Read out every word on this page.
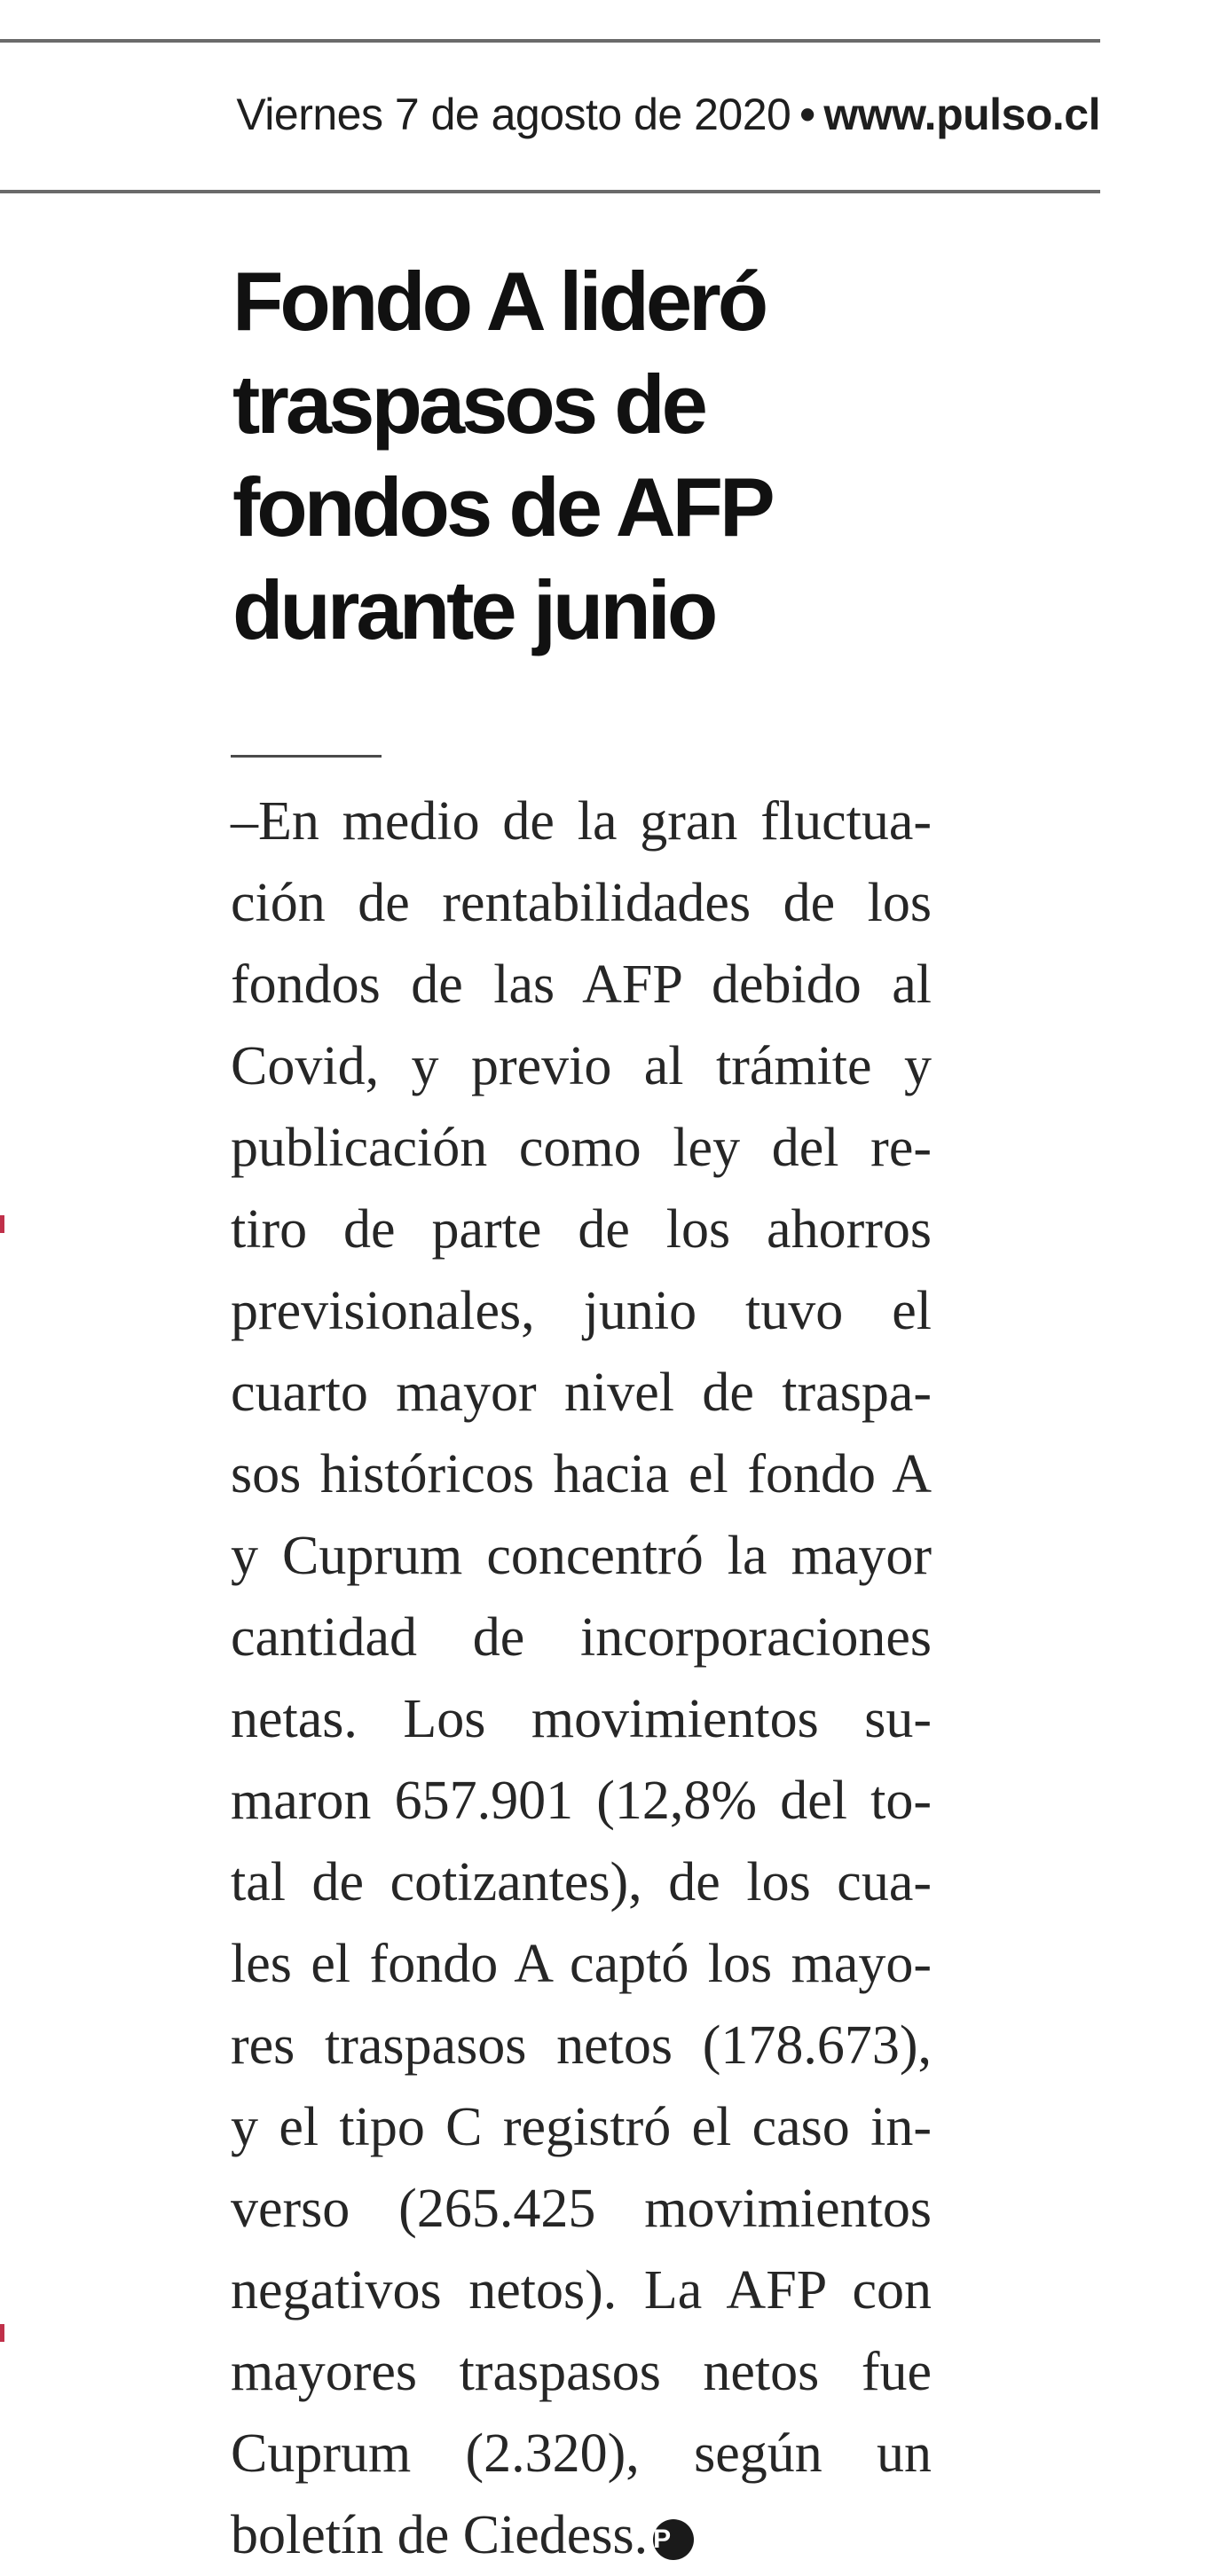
Viernes 7 de agosto de 2020 • www.pulso.cl
Fondo A lideró
traspasos de
fondos de AFP
durante junio
–En medio de la gran fluctua-
ción de rentabilidades de los
fondos de las AFP debido al
Covid, y previo al trámite y
publicación como ley del re-
tiro de parte de los ahorros
previsionales, junio tuvo el
cuarto mayor nivel de traspa-
sos históricos hacia el fondo A
y Cuprum concentró la mayor
cantidad de incorporaciones
netas. Los movimientos su-
maron 657.901 (12,8% del to-
tal de cotizantes), de los cua-
les el fondo A captó los mayo-
res traspasos netos (178.673),
y el tipo C registró el caso in-
verso (265.425 movimientos
negativos netos). La AFP con
mayores traspasos netos fue
Cuprum (2.320), según un
boletín de Ciedess. P
